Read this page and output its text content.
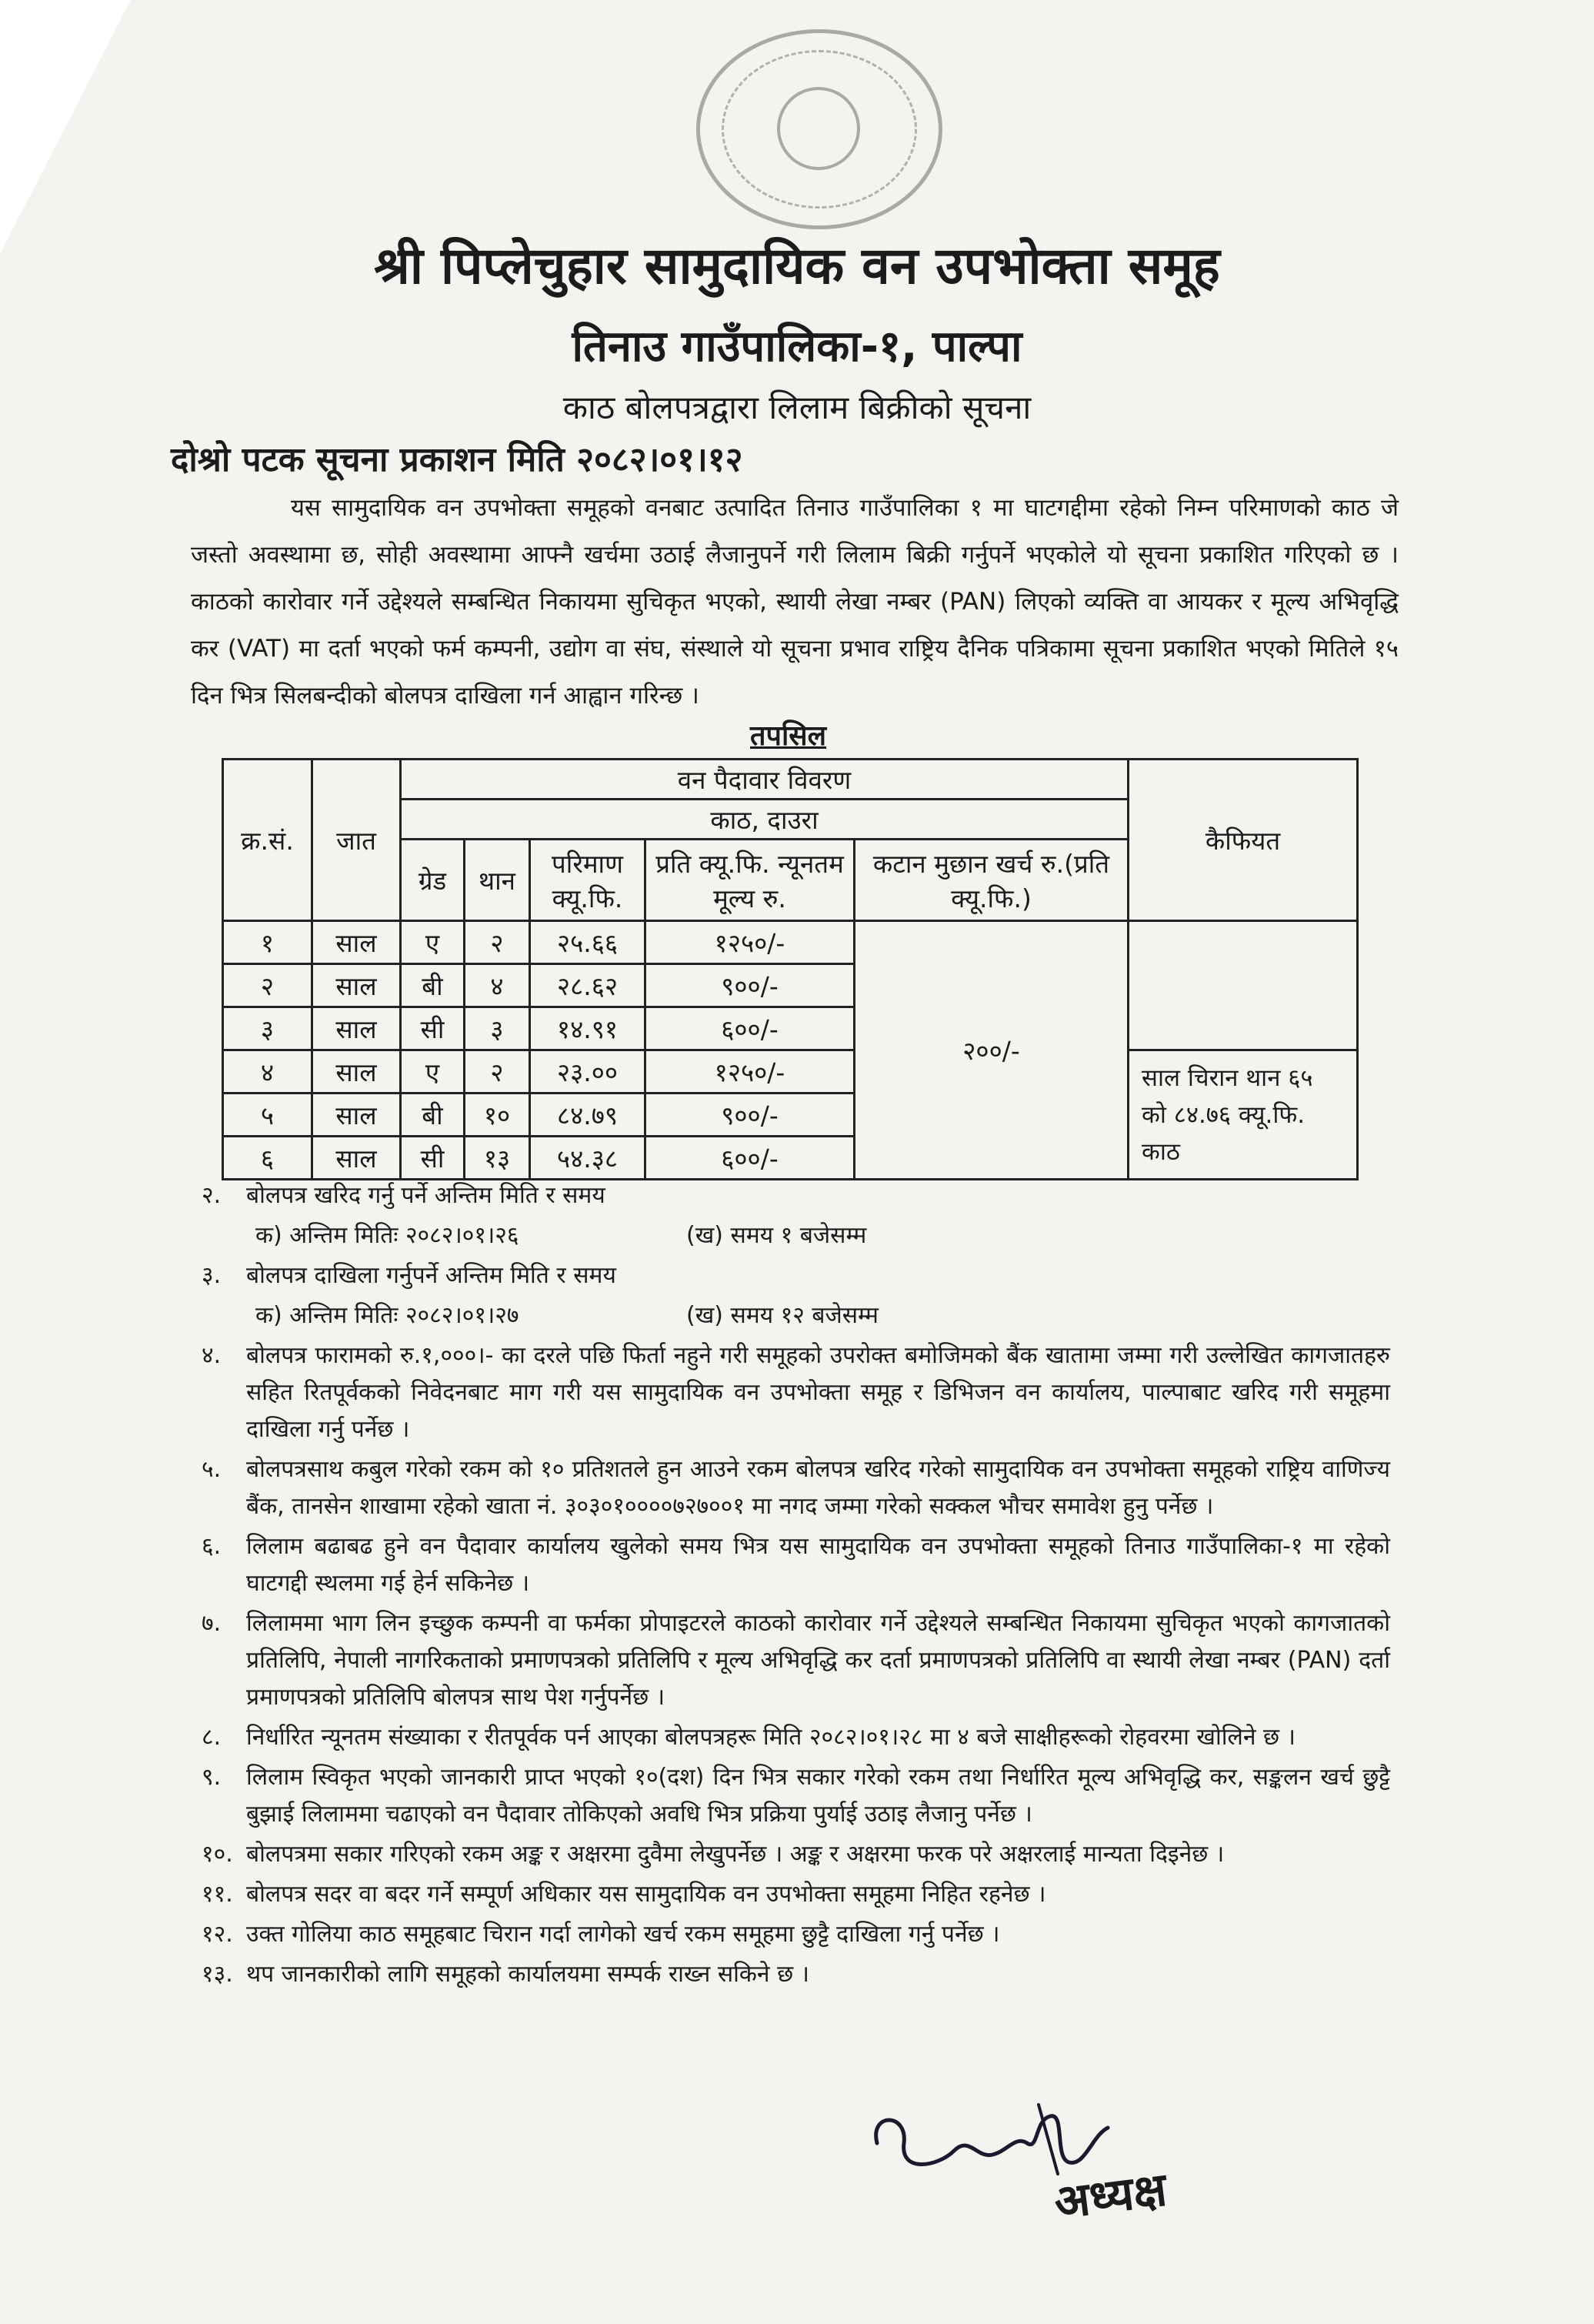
श्री पिप्लेचुहार सामुदायिक वन उपभोक्ता समूह
तिनाउ गाउँपालिका-१, पाल्पा
काठ बोलपत्रद्वारा लिलाम बिक्रीको सूचना
दोश्रो पटक सूचना प्रकाशन मिति २०८२।०१।१२
यस सामुदायिक वन उपभोक्ता समूहको वनबाट उत्पादित तिनाउ गाउँपालिका १ मा घाटगद्दीमा रहेको निम्न परिमाणको काठ जे जस्तो अवस्थामा छ, सोही अवस्थामा आफ्नै खर्चमा उठाई लैजानुपर्ने गरी लिलाम बिक्री गर्नुपर्ने भएकोले यो सूचना प्रकाशित गरिएको छ । काठको कारोवार गर्ने उद्देश्यले सम्बन्धित निकायमा सुचिकृत भएको, स्थायी लेखा नम्बर (PAN) लिएको व्यक्ति वा आयकर र मूल्य अभिवृद्धि कर (VAT) मा दर्ता भएको फर्म कम्पनी, उद्योग वा संघ, संस्थाले यो सूचना प्रभाव राष्ट्रिय दैनिक पत्रिकामा सूचना प्रकाशित भएको मितिले १५ दिन भित्र सिलबन्दीको बोलपत्र दाखिला गर्न आह्वान गरिन्छ ।
तपसिल
क्र.सं.	जात	वन पैदावार विवरण					कैफियत
		काठ, दाउरा					
		ग्रेड	थान	परिमाण क्यू.फि.	प्रति क्यू.फि. न्यूनतम मूल्य रु.	कटान मुछान खर्च रु.(प्रति क्यू.फि.)	
१	साल	ए	२	२५.६६	१२५०/-	२००/-	
२	साल	बी	४	२८.६२	९००/-		
३	साल	सी	३	१४.९१	६००/-		
४	साल	ए	२	२३.००	१२५०/-		साल चिरान थान ६५ को ८४.७६ क्यू.फि. काठ
५	साल	बी	१०	८४.७९	९००/-		
६	साल	सी	१३	५४.३८	६००/-		
२.	बोलपत्र खरिद गर्नु पर्ने अन्तिम मिति र समय
क) अन्तिम मितिः २०८२।०१।२६	(ख) समय १ बजेसम्म
३.	बोलपत्र दाखिला गर्नुपर्ने अन्तिम मिति र समय
क) अन्तिम मितिः २०८२।०१।२७	(ख) समय १२ बजेसम्म
४.	बोलपत्र फारामको रु.१,०००।- का दरले पछि फिर्ता नहुने गरी समूहको उपरोक्त बमोजिमको बैंक खातामा जम्मा गरी उल्लेखित कागजातहरु सहित रितपूर्वकको निवेदनबाट माग गरी यस सामुदायिक वन उपभोक्ता समूह र डिभिजन वन कार्यालय, पाल्पाबाट खरिद गरी समूहमा दाखिला गर्नु पर्नेछ ।
५.	बोलपत्रसाथ कबुल गरेको रकम को १० प्रतिशतले हुन आउने रकम बोलपत्र खरिद गरेको सामुदायिक वन उपभोक्ता समूहको राष्ट्रिय वाणिज्य बैंक, तानसेन शाखामा रहेको खाता नं. ३०३०१००००७२७००१ मा नगद जम्मा गरेको सक्कल भौचर समावेश हुनु पर्नेछ ।
६.	लिलाम बढाबढ हुने वन पैदावार कार्यालय खुलेको समय भित्र यस सामुदायिक वन उपभोक्ता समूहको तिनाउ गाउँपालिका-१ मा रहेको घाटगद्दी स्थलमा गई हेर्न सकिनेछ ।
७.	लिलाममा भाग लिन इच्छुक कम्पनी वा फर्मका प्रोपाइटरले काठको कारोवार गर्ने उद्देश्यले सम्बन्धित निकायमा सुचिकृत भएको कागजातको प्रतिलिपि, नेपाली नागरिकताको प्रमाणपत्रको प्रतिलिपि र मूल्य अभिवृद्धि कर दर्ता प्रमाणपत्रको प्रतिलिपि वा स्थायी लेखा नम्बर (PAN) दर्ता प्रमाणपत्रको प्रतिलिपि बोलपत्र साथ पेश गर्नुपर्नेछ ।
८.	निर्धारित न्यूनतम संख्याका र रीतपूर्वक पर्न आएका बोलपत्रहरू मिति २०८२।०१।२८ मा ४ बजे साक्षीहरूको रोहवरमा खोलिने छ ।
९.	लिलाम स्विकृत भएको जानकारी प्राप्त भएको १०(दश) दिन भित्र सकार गरेको रकम तथा निर्धारित मूल्य अभिवृद्धि कर, सङ्कलन खर्च छुट्टै बुझाई लिलाममा चढाएको वन पैदावार तोकिएको अवधि भित्र प्रक्रिया पुर्याई उठाइ लैजानु पर्नेछ ।
१०. बोलपत्रमा सकार गरिएको रकम अङ्क र अक्षरमा दुवैमा लेखुपर्नेछ । अङ्क र अक्षरमा फरक परे अक्षरलाई मान्यता दिइनेछ ।
११. बोलपत्र सदर वा बदर गर्ने सम्पूर्ण अधिकार यस सामुदायिक वन उपभोक्ता समूहमा निहित रहनेछ ।
१२. उक्त गोलिया काठ समूहबाट चिरान गर्दा लागेको खर्च रकम समूहमा छुट्टै दाखिला गर्नु पर्नेछ ।
१३. थप जानकारीको लागि समूहको कार्यालयमा सम्पर्क राख्न सकिने छ ।
अध्यक्ष
